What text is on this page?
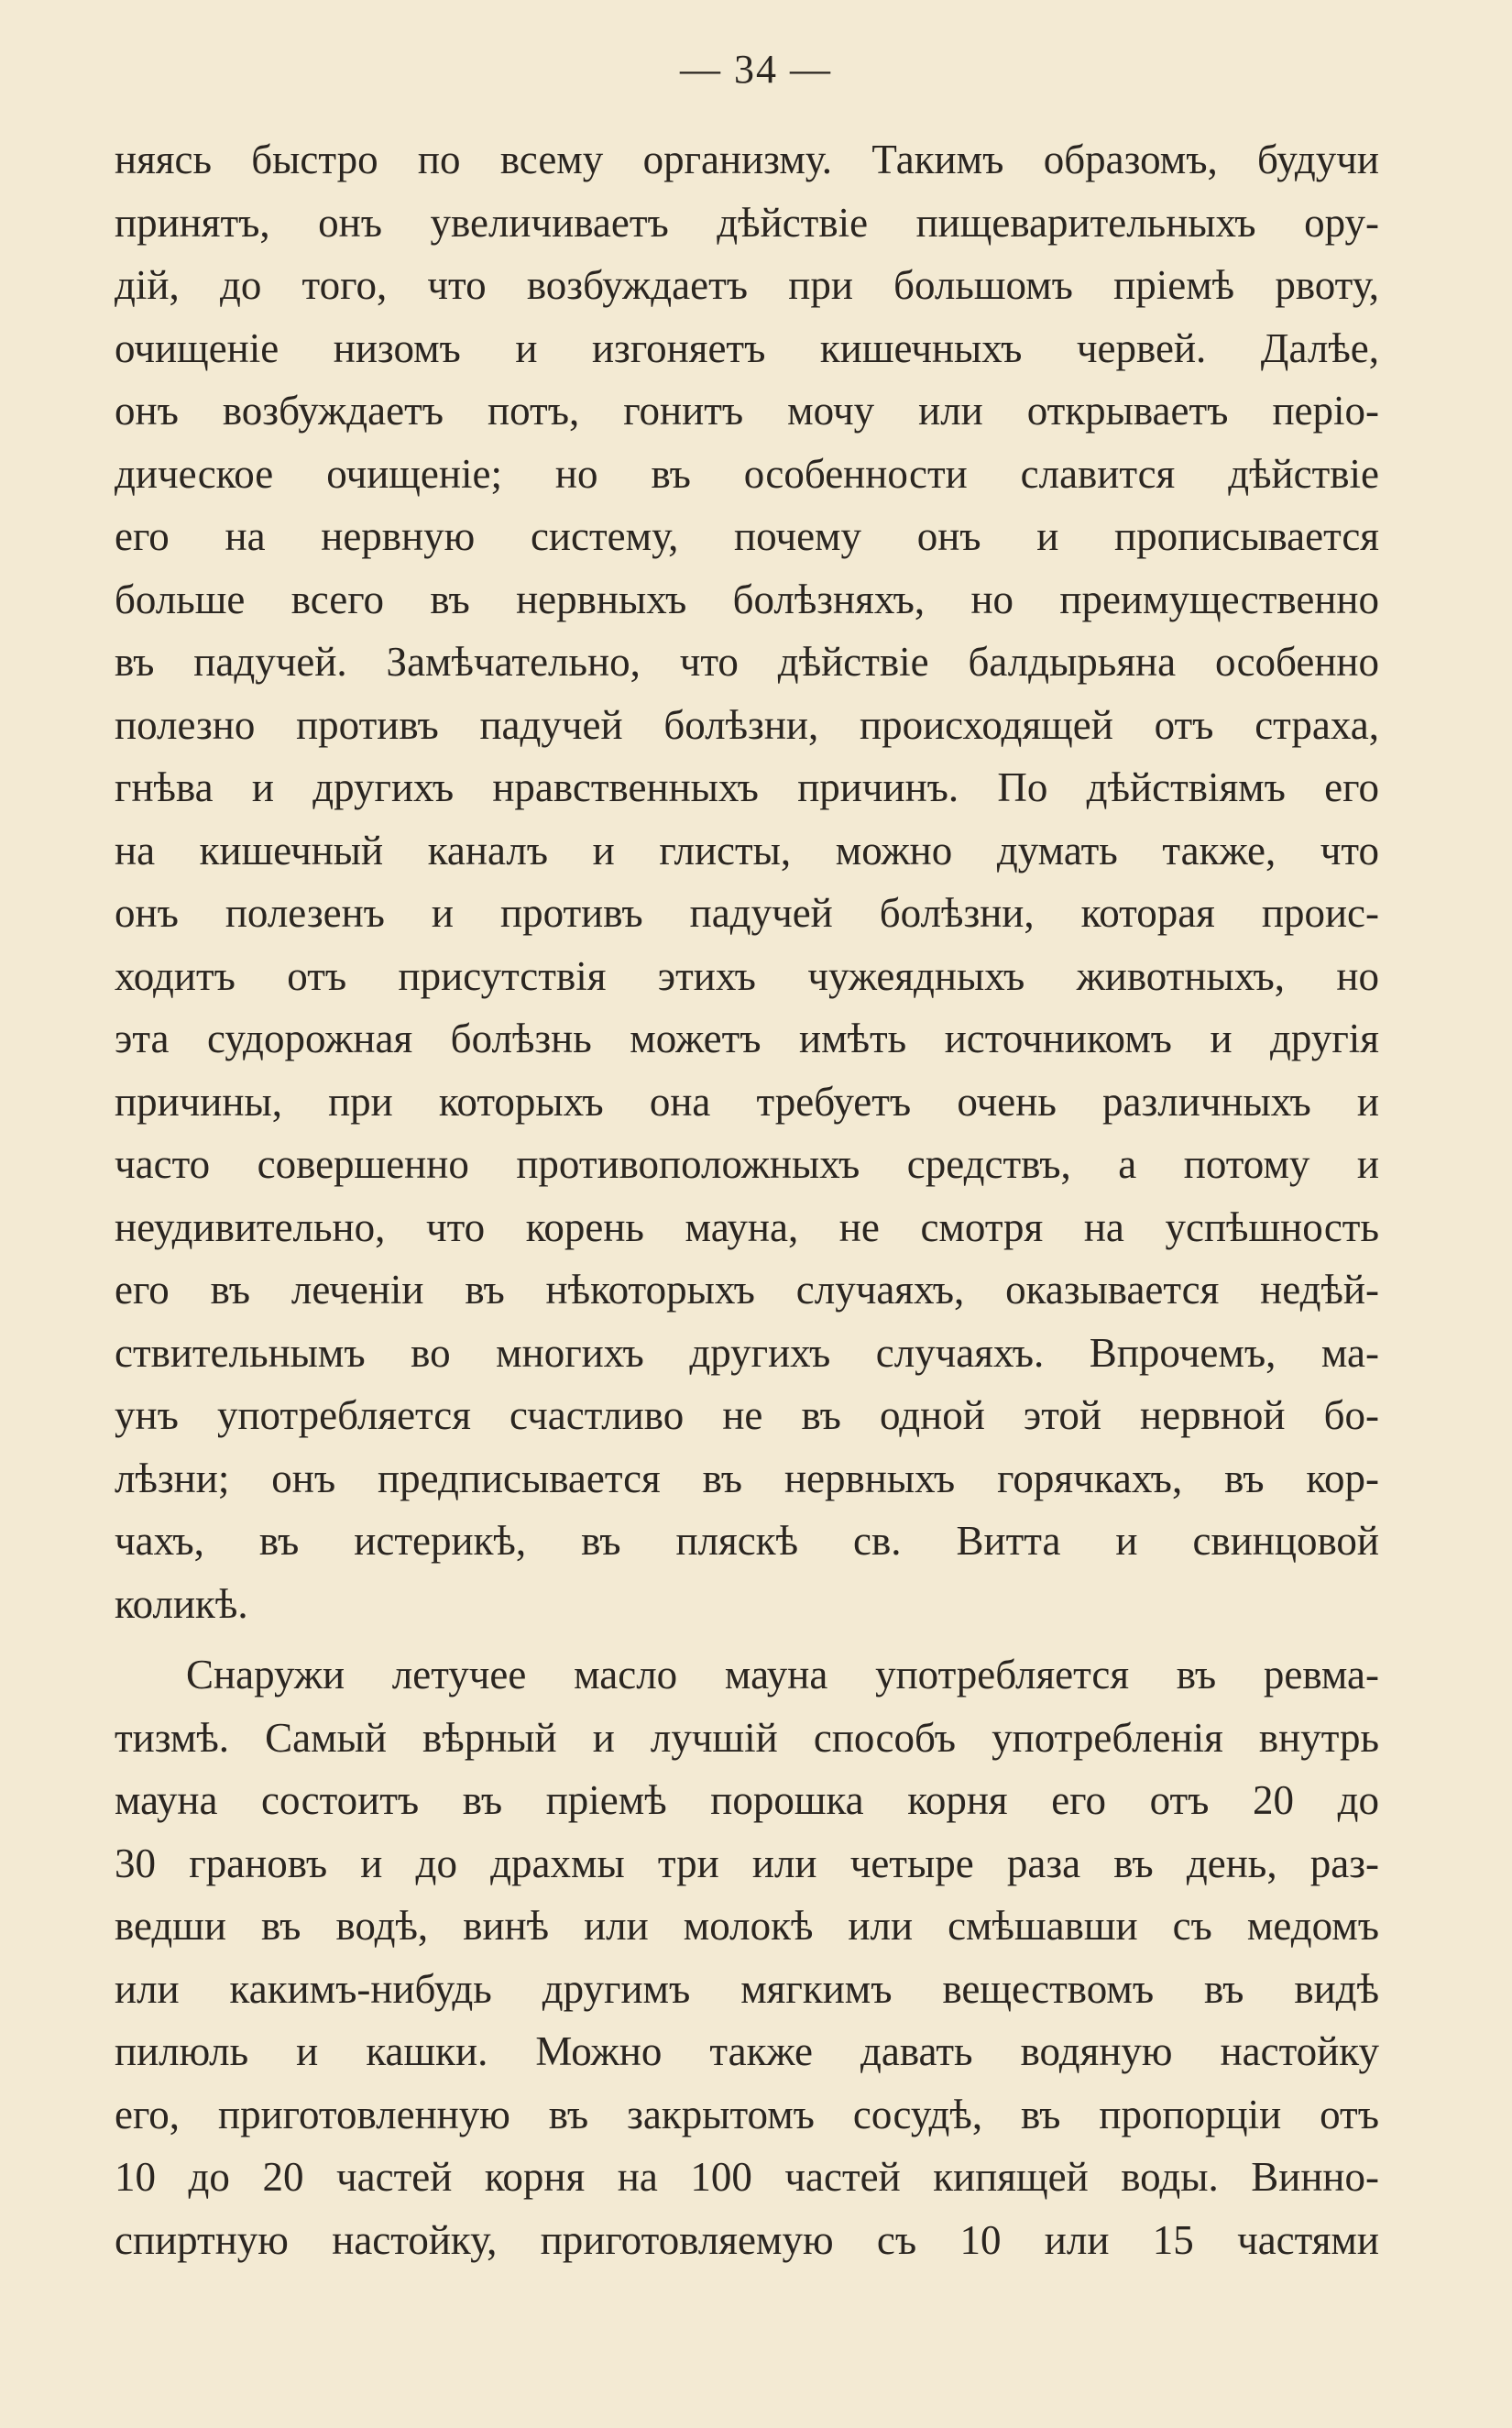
— 34 —
няясь быстро по всему организму. Такимъ образомъ, будучи
принятъ, онъ увеличиваетъ дѣйствіе пищеварительныхъ ору-
дій, до того, что возбуждаетъ при большомъ пріемѣ рвоту,
очищеніе низомъ и изгоняетъ кишечныхъ червей. Далѣе,
онъ возбуждаетъ потъ, гонитъ мочу или открываетъ періо-
дическое очищеніе; но въ особенности славится дѣйствіе
его на нервную систему, почему онъ и прописывается
больше всего въ нервныхъ болѣзняхъ, но преимущественно
въ падучей. Замѣчательно, что дѣйствіе балдырьяна особенно
полезно противъ падучей болѣзни, происходящей отъ страха,
гнѣва и другихъ нравственныхъ причинъ. По дѣйствіямъ его
на кишечный каналъ и глисты, можно думать также, что
онъ полезенъ и противъ падучей болѣзни, которая проис-
ходитъ отъ присутствія этихъ чужеядныхъ животныхъ, но
эта судорожная болѣзнь можетъ имѣть источникомъ и другія
причины, при которыхъ она требуетъ очень различныхъ и
часто совершенно противоположныхъ средствъ, а потому и
неудивительно, что корень мауна, не смотря на успѣшность
его въ леченіи въ нѣкоторыхъ случаяхъ, оказывается недѣй-
ствительнымъ во многихъ другихъ случаяхъ. Впрочемъ, ма-
унъ употребляется счастливо не въ одной этой нервной бо-
лѣзни; онъ предписывается въ нервныхъ горячкахъ, въ кор-
чахъ, въ истерикѣ, въ пляскѣ св. Витта и свинцовой
коликѣ.
Снаружи летучее масло мауна употребляется въ ревма-
тизмѣ. Самый вѣрный и лучшій способъ употребленія внутрь
мауна состоитъ въ пріемѣ порошка корня его отъ 20 до
30 грановъ и до драхмы три или четыре раза въ день, раз-
ведши въ водѣ, винѣ или молокѣ или смѣшавши съ медомъ
или какимъ-нибудь другимъ мягкимъ веществомъ въ видѣ
пилюль и кашки. Можно также давать водяную настойку
его, приготовленную въ закрытомъ сосудѣ, въ пропорціи отъ
10 до 20 частей корня на 100 частей кипящей воды. Винно-
спиртную настойку, приготовляемую съ 10 или 15 частями
